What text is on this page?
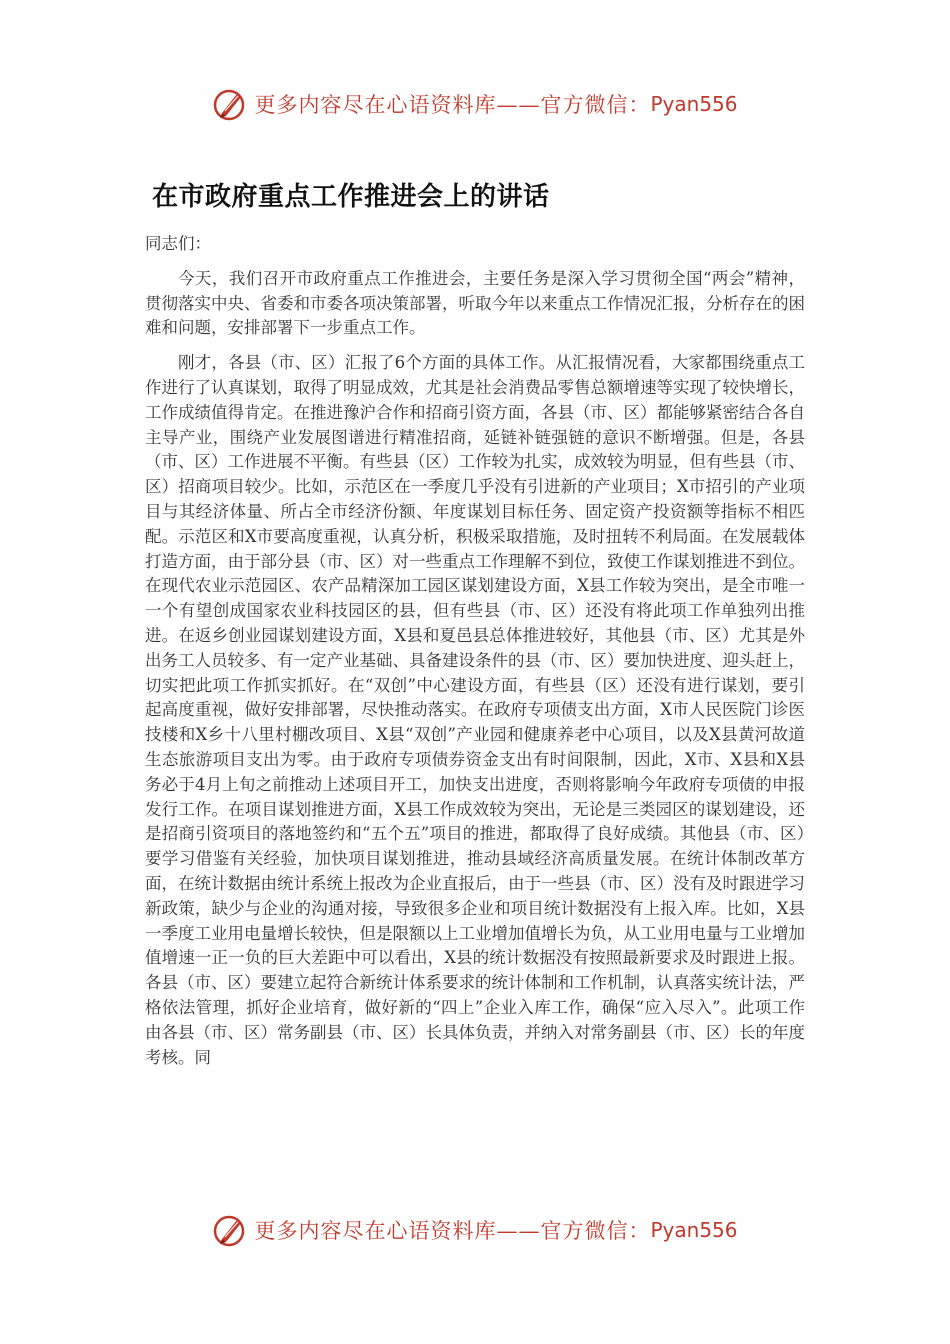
更多内容尽在心语资料库——官方微信： Pyan556
在市政府重点工作推进会上的讲话

同志们：

今天，我们召开市政府重点工作推进会，主要任务是深入学习贯彻全国“两会”精神，贯彻落实中央、省委和市委各项决策部署，听取今年以来重点工作情况汇报，分析存在的困难和问题，安排部署下一步重点工作。

刚才，各县（市、区）汇报了6个方面的具体工作。从汇报情况看，大家都围绕重点工作进行了认真谋划，取得了明显成效，尤其是社会消费品零售总额增速等实现了较快增长，工作成绩值得肯定。在推进豫沪合作和招商引资方面，各县（市、区）都能够紧密结合各自主导产业，围绕产业发展图谱进行精准招商，延链补链强链的意识不断增强。但是，各县（市、区）工作进展不平衡。有些县（区）工作较为扎实，成效较为明显，但有些县（市、区）招商项目较少。比如，示范区在一季度几乎没有引进新的产业项目；X市招引的产业项目与其经济体量、所占全市经济份额、年度谋划目标任务、固定资产投资额等指标不相匹配。示范区和X市要高度重视，认真分析，积极采取措施，及时扭转不利局面。在发展载体打造方面，由于部分县（市、区）对一些重点工作理解不到位，致使工作谋划推进不到位。在现代农业示范园区、农产品精深加工园区谋划建设方面，X县工作较为突出，是全市唯一一个有望创成国家农业科技园区的县，但有些县（市、区）还没有将此项工作单独列出推进。在返乡创业园谋划建设方面，X县和夏邑县总体推进较好，其他县（市、区）尤其是外出务工人员较多、有一定产业基础、具备建设条件的县（市、区）要加快进度、迎头赶上，切实把此项工作抓实抓好。在“双创”中心建设方面，有些县（区）还没有进行谋划，要引起高度重视，做好安排部署，尽快推动落实。在政府专项债支出方面，X市人民医院门诊医技楼和X乡十八里村棚改项目、X县“双创”产业园和健康养老中心项目，以及X县黄河故道生态旅游项目支出为零。由于政府专项债券资金支出有时间限制，因此，X市、X县和X县务必于4月上旬之前推动上述项目开工，加快支出进度，否则将影响今年政府专项债的申报发行工作。在项目谋划推进方面，X县工作成效较为突出，无论是三类园区的谋划建设，还是招商引资项目的落地签约和“五个五”项目的推进，都取得了良好成绩。其他县（市、区）要学习借鉴有关经验，加快项目谋划推进，推动县域经济高质量发展。在统计体制改革方面，在统计数据由统计系统上报改为企业直报后，由于一些县（市、区）没有及时跟进学习新政策，缺少与企业的沟通对接，导致很多企业和项目统计数据没有上报入库。比如，X县一季度工业用电量增长较快，但是限额以上工业增加值增长为负，从工业用电量与工业增加值增速一正一负的巨大差距中可以看出，X县的统计数据没有按照最新要求及时跟进上报。各县（市、区）要建立起符合新统计体系要求的统计体制和工作机制，认真落实统计法，严格依法管理，抓好企业培育，做好新的“四上”企业入库工作，确保“应入尽入”。此项工作由各县（市、区）常务副县（市、区）长具体负责，并纳入对常务副县（市、区）长的年度考核。同

更多内容尽在心语资料库——官方微信： Pyan556
